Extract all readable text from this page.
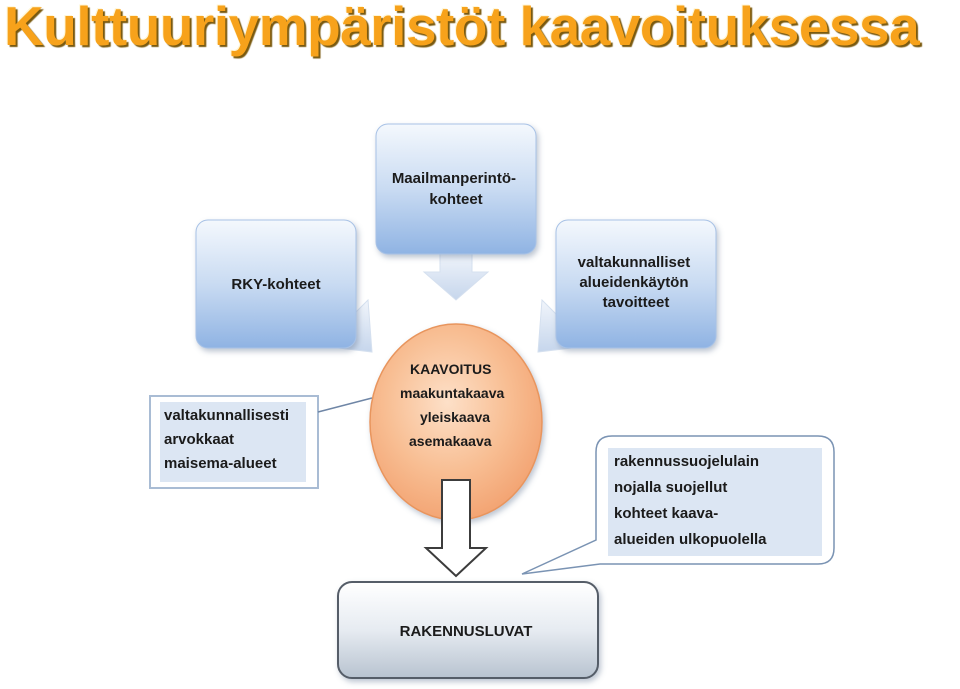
Kulttuuriympäristöt kaavoituksessa
Maailmanperintö- kohteet
RKY-kohteet
valtakunnalliset alueidenkäytön tavoitteet
valtakunnallisesti arvokkaat maisema-alueet
KAAVOITUS maakuntakaava yleiskaava asemakaava
rakennussuojelulain nojalla suojellut kohteet kaava- alueiden ulkopuolella
RAKENNUSLUVAT
